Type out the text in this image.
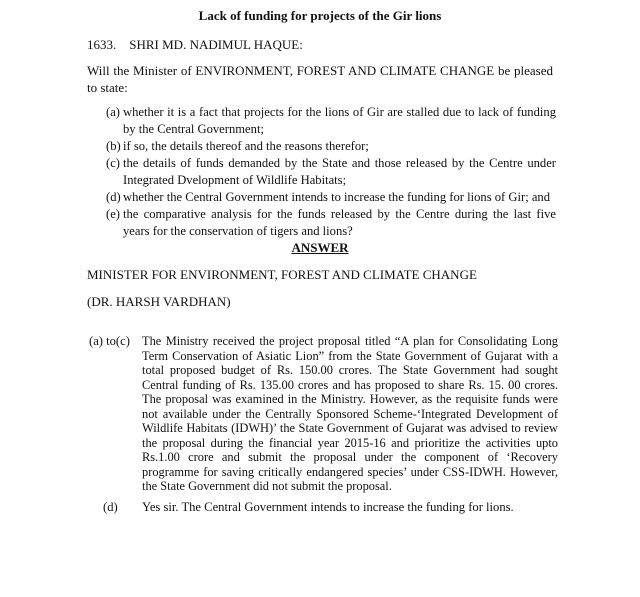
Lack of funding for projects of the Gir lions
1633.    SHRI MD. NADIMUL HAQUE:
Will the Minister of ENVIRONMENT, FOREST AND CLIMATE CHANGE be pleased to state:
(a) whether it is a fact that projects for the lions of Gir are stalled due to lack of funding by the Central Government;
(b) if so, the details thereof and the reasons therefor;
(c) the details of funds demanded by the State and those released by the Centre under Integrated Dvelopment of Wildlife Habitats;
(d) whether the Central Government intends to increase the funding for lions of Gir; and
(e) the comparative analysis for the funds released by the Centre during the last five years for the conservation of tigers and lions?
ANSWER
MINISTER FOR ENVIRONMENT, FOREST AND CLIMATE CHANGE
(DR. HARSH VARDHAN)
(a) to(c) The Ministry received the project proposal titled “A plan for Consolidating Long Term Conservation of Asiatic Lion” from the State Government of Gujarat with a total proposed budget of Rs. 150.00 crores. The State Government had sought Central funding of Rs. 135.00 crores and has proposed to share Rs. 15. 00 crores. The proposal was examined in the Ministry. However, as the requisite funds were not available under the Centrally Sponsored Scheme-‘Integrated Development of Wildlife Habitats (IDWH)’ the State Government of Gujarat was advised to review the proposal during the financial year 2015-16 and prioritize the activities upto Rs.1.00 crore and submit the proposal under the component of ‘Recovery programme for saving critically endangered species’ under CSS-IDWH. However, the State Government did not submit the proposal.
(d) Yes sir. The Central Government intends to increase the funding for lions.
